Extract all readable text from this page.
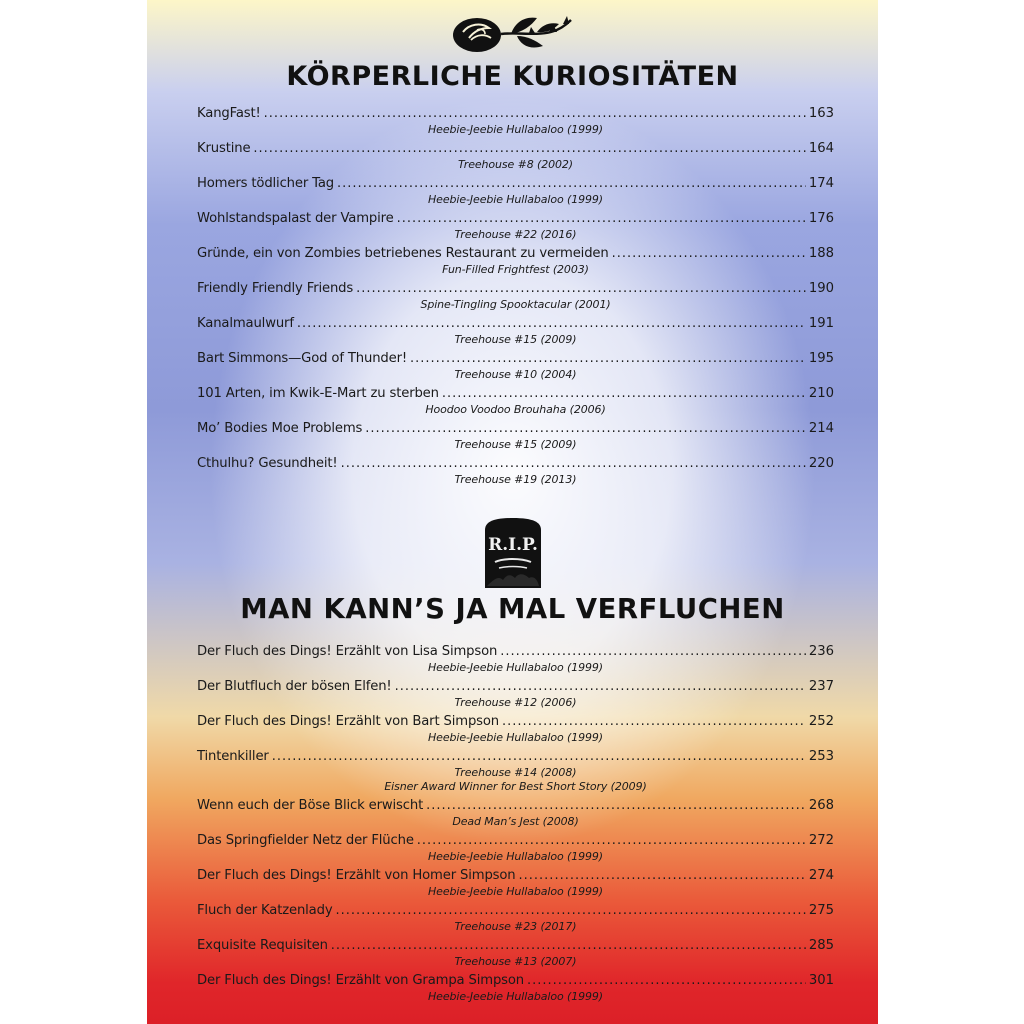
KÖRPERLICHE KURIOSITÄTEN
KangFast! .....	163
Heebie-Jeebie Hullabaloo (1999)
Krustine .....	164
Treehouse #8 (2002)
Homers tödlicher Tag .....	174
Heebie-Jeebie Hullabaloo (1999)
Wohlstandspalast der Vampire .....	176
Treehouse #22 (2016)
Gründe, ein von Zombies betriebenes Restaurant zu vermeiden .....	188
Fun-Filled Frightfest (2003)
Friendly Friendly Friends .....	190
Spine-Tingling Spooktacular (2001)
Kanalmaulwurf .....	191
Treehouse #15 (2009)
Bart Simmons—God of Thunder! .....	195
Treehouse #10 (2004)
101 Arten, im Kwik-E-Mart zu sterben .....	210
Hoodoo Voodoo Brouhaha (2006)
Mo’ Bodies Moe Problems .....	214
Treehouse #15 (2009)
Cthulhu? Gesundheit! .....	220
Treehouse #19 (2013)
R.I.P.
MAN KANN’S JA MAL VERFLUCHEN
Der Fluch des Dings! Erzählt von Lisa Simpson .....	236
Heebie-Jeebie Hullabaloo (1999)
Der Blutfluch der bösen Elfen! .....	237
Treehouse #12 (2006)
Der Fluch des Dings! Erzählt von Bart Simpson .....	252
Heebie-Jeebie Hullabaloo (1999)
Tintenkiller .....	253
Treehouse #14 (2008)
Eisner Award Winner for Best Short Story (2009)
Wenn euch der Böse Blick erwischt .....	268
Dead Man’s Jest (2008)
Das Springfielder Netz der Flüche .....	272
Heebie-Jeebie Hullabaloo (1999)
Der Fluch des Dings! Erzählt von Homer Simpson .....	274
Heebie-Jeebie Hullabaloo (1999)
Fluch der Katzenlady .....	275
Treehouse #23 (2017)
Exquisite Requisiten .....	285
Treehouse #13 (2007)
Der Fluch des Dings! Erzählt von Grampa Simpson .....	301
Heebie-Jeebie Hullabaloo (1999)
